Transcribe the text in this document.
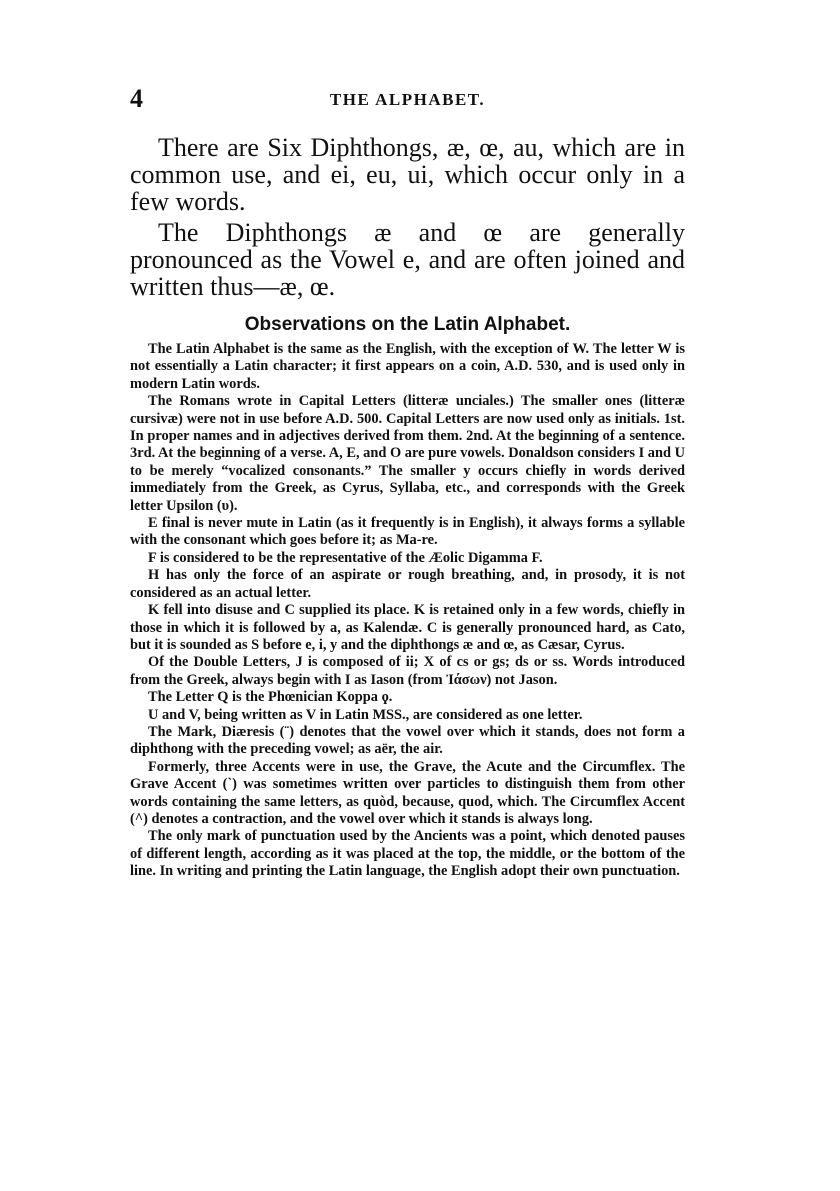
4	THE ALPHABET.

There are Six Diphthongs, æ, œ, au, which are in common use, and ei, eu, ui, which occur only in a few words.

The Diphthongs æ and œ are generally pronounced as the Vowel e, and are often joined and written thus—æ, œ.

Observations on the Latin Alphabet.

The Latin Alphabet is the same as the English, with the exception of W. The letter W is not essentially a Latin character; it first appears on a coin, A.D. 530, and is used only in modern Latin words.

The Romans wrote in Capital Letters (litteræ unciales.) The smaller ones (litteræ cursivæ) were not in use before A.D. 500. Capital Letters are now used only as initials. 1st. In proper names and in adjectives derived from them. 2nd. At the beginning of a sentence. 3rd. At the beginning of a verse. A, E, and O are pure vowels. Donaldson considers I and U to be merely “vocalized consonants.” The smaller y occurs chiefly in words derived immediately from the Greek, as Cyrus, Syllaba, etc., and corresponds with the Greek letter Upsilon (υ).

E final is never mute in Latin (as it frequently is in English), it always forms a syllable with the consonant which goes before it; as Ma-re.

F is considered to be the representative of the Æolic Digamma F.

H has only the force of an aspirate or rough breathing, and, in prosody, it is not considered as an actual letter.

K fell into disuse and C supplied its place. K is retained only in a few words, chiefly in those in which it is followed by a, as Kalendæ. C is generally pronounced hard, as Cato, but it is sounded as S before e, i, y and the diphthongs æ and œ, as Cæsar, Cyrus.

Of the Double Letters, J is composed of ii; X of cs or gs; ds or ss. Words introduced from the Greek, always begin with I as Iason (from Ἰάσων) not Jason.

The Letter Q is the Phœnician Koppa ϙ.

U and V, being written as V in Latin MSS., are considered as one letter.

The Mark, Diæresis (¨) denotes that the vowel over which it stands, does not form a diphthong with the preceding vowel; as aër, the air.

Formerly, three Accents were in use, the Grave, the Acute and the Circumflex. The Grave Accent (`) was sometimes written over particles to distinguish them from other words containing the same letters, as quòd, because, quod, which. The Circumflex Accent (^) denotes a contraction, and the vowel over which it stands is always long.

The only mark of punctuation used by the Ancients was a point, which denoted pauses of different length, according as it was placed at the top, the middle, or the bottom of the line. In writing and printing the Latin language, the English adopt their own punctuation.
